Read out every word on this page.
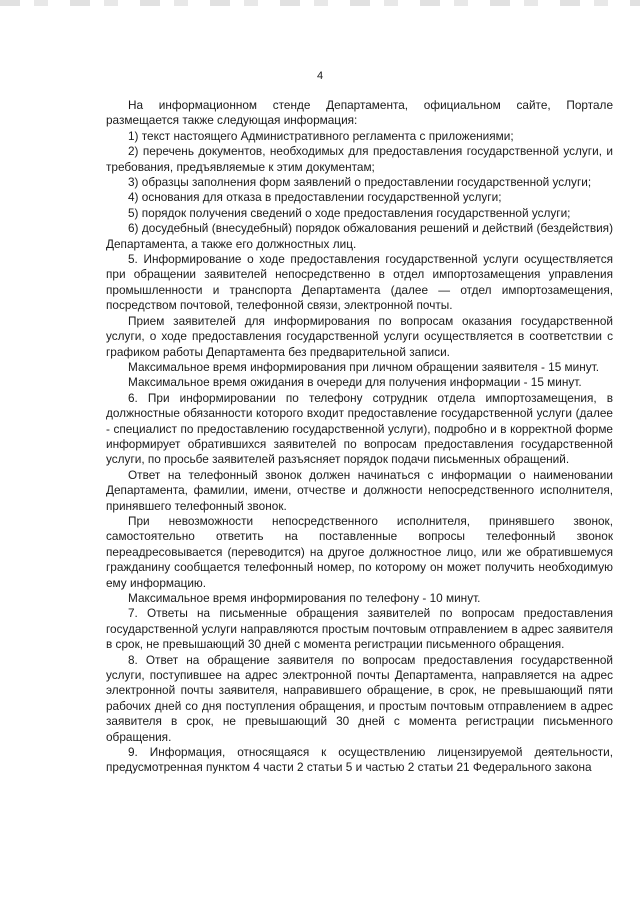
4

На информационном стенде Департамента, официальном сайте, Портале размещается также следующая информация:

1) текст настоящего Административного регламента с приложениями;

2) перечень документов, необходимых для предоставления государственной услуги, и требования, предъявляемые к этим документам;

3) образцы заполнения форм заявлений о предоставлении государственной услуги;

4) основания для отказа в предоставлении государственной услуги;

5) порядок получения сведений о ходе предоставления государственной услуги;

6) досудебный (внесудебный) порядок обжалования решений и действий (бездействия) Департамента, а также его должностных лиц.

5. Информирование о ходе предоставления государственной услуги осуществляется при обращении заявителей непосредственно в отдел импортозамещения управления промышленности и транспорта Департамента (далее — отдел импортозамещения, посредством почтовой, телефонной связи, электронной почты.

Прием заявителей для информирования по вопросам оказания государственной услуги, о ходе предоставления государственной услуги осуществляется в соответствии с графиком работы Департамента без предварительной записи.

Максимальное время информирования при личном обращении заявителя - 15 минут.

Максимальное время ожидания в очереди для получения информации - 15 минут.

6. При информировании по телефону сотрудник отдела импортозамещения, в должностные обязанности которого входит предоставление государственной услуги (далее - специалист по предоставлению государственной услуги), подробно и в корректной форме информирует обратившихся заявителей по вопросам предоставления государственной услуги, по просьбе заявителей разъясняет порядок подачи письменных обращений.

Ответ на телефонный звонок должен начинаться с информации о наименовании Департамента, фамилии, имени, отчестве и должности непосредственного исполнителя, принявшего телефонный звонок.

При невозможности непосредственного исполнителя, принявшего звонок, самостоятельно ответить на поставленные вопросы телефонный звонок переадресовывается (переводится) на другое должностное лицо, или же обратившемуся гражданину сообщается телефонный номер, по которому он может получить необходимую ему информацию.

Максимальное время информирования по телефону - 10 минут.

7. Ответы на письменные обращения заявителей по вопросам предоставления государственной услуги направляются простым почтовым отправлением в адрес заявителя в срок, не превышающий 30 дней с момента регистрации письменного обращения.

8. Ответ на обращение заявителя по вопросам предоставления государственной услуги, поступившее на адрес электронной почты Департамента, направляется на адрес электронной почты заявителя, направившего обращение, в срок, не превышающий пяти рабочих дней со дня поступления обращения, и простым почтовым отправлением в адрес заявителя в срок, не превышающий 30 дней с момента регистрации письменного обращения.

9. Информация, относящаяся к осуществлению лицензируемой деятельности, предусмотренная пунктом 4 части 2 статьи 5 и частью 2 статьи 21 Федерального закона
